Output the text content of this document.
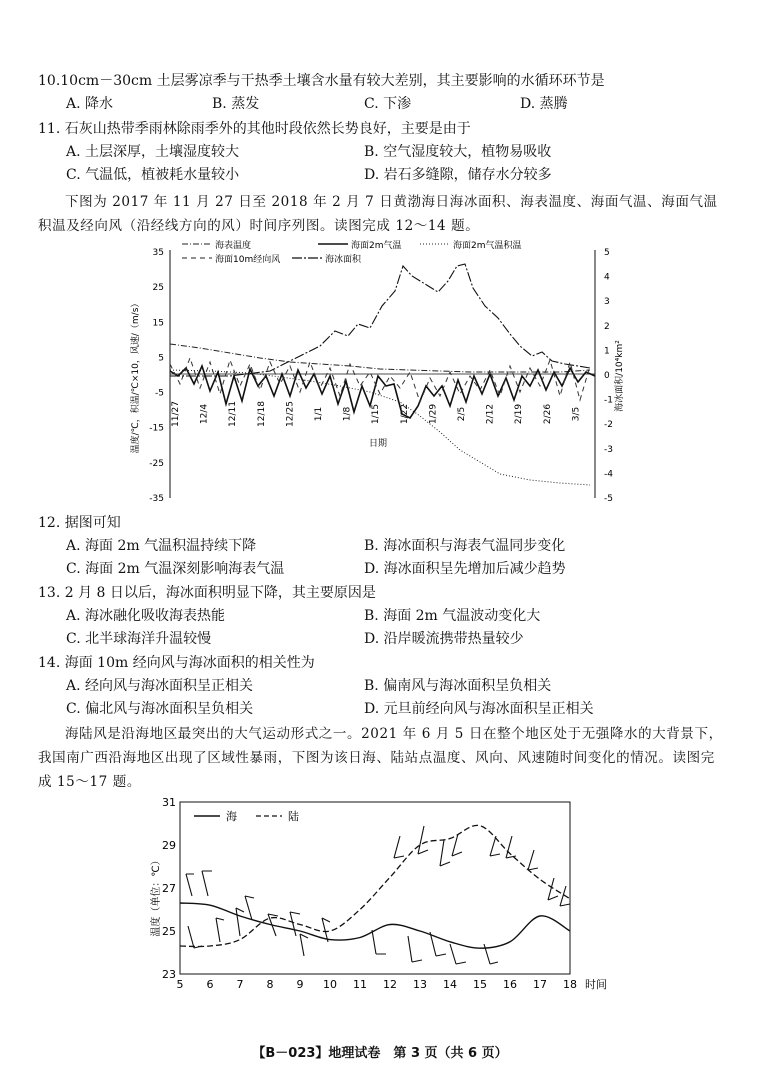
10.10cm－30cm 土层雾凉季与干热季土壤含水量有较大差别，其主要影响的水循环环节是
A. 降水	B. 蒸发	C. 下渗	D. 蒸腾
11. 石灰山热带季雨林除雨季外的其他时段依然长势良好，主要是由于
A. 土层深厚，土壤湿度较大	B. 空气湿度较大，植物易吸收
C. 气温低，植被耗水量较小	D. 岩石多缝隙，储存水分较多
下图为 2017 年 11 月 27 日至 2018 年 2 月 7 日黄渤海日海冰面积、海表温度、海面气温、海面气温积温及经向风（沿经线方向的风）时间序列图。读图完成 12～14 题。
海表温度	海面2m气温	海面2m气温积温
海面10m经向风	海冰面积
35
25
15
5
-5
-15
-25
-35
5
4
3
2
1
0
-1
-2
-3
-4
-5
11/27 12/4 12/11 12/18 12/25 1/1 1/8 1/15 1/22 1/29 2/5 2/12 2/19 2/26 3/5
温度/℃，积温/℃×10，风速/（m/s）	海冰面积/10⁴km²
日期
12. 据图可知
A. 海面 2m 气温积温持续下降	B. 海冰面积与海表气温同步变化
C. 海面 2m 气温深刻影响海表气温	D. 海冰面积呈先增加后减少趋势
13. 2 月 8 日以后，海冰面积明显下降，其主要原因是
A. 海冰融化吸收海表热能	B. 海面 2m 气温波动变化大
C. 北半球海洋升温较慢	D. 沿岸暖流携带热量较少
14. 海面 10m 经向风与海冰面积的相关性为
A. 经向风与海冰面积呈正相关	B. 偏南风与海冰面积呈负相关
C. 偏北风与海冰面积呈负相关	D. 元旦前经向风与海冰面积呈正相关
海陆风是沿海地区最突出的大气运动形式之一。2021 年 6 月 5 日在整个地区处于无强降水的大背景下，我国南广西沿海地区出现了区域性暴雨，下图为该日海、陆站点温度、风向、风速随时间变化的情况。读图完成 15～17 题。
海	陆
31
29
27
25
23
5 6 7 8 9 10 11 12 13 14 15 16 17 18
温度（单位：℃）
时间
【B－023】地理试卷　第 3 页（共 6 页）
